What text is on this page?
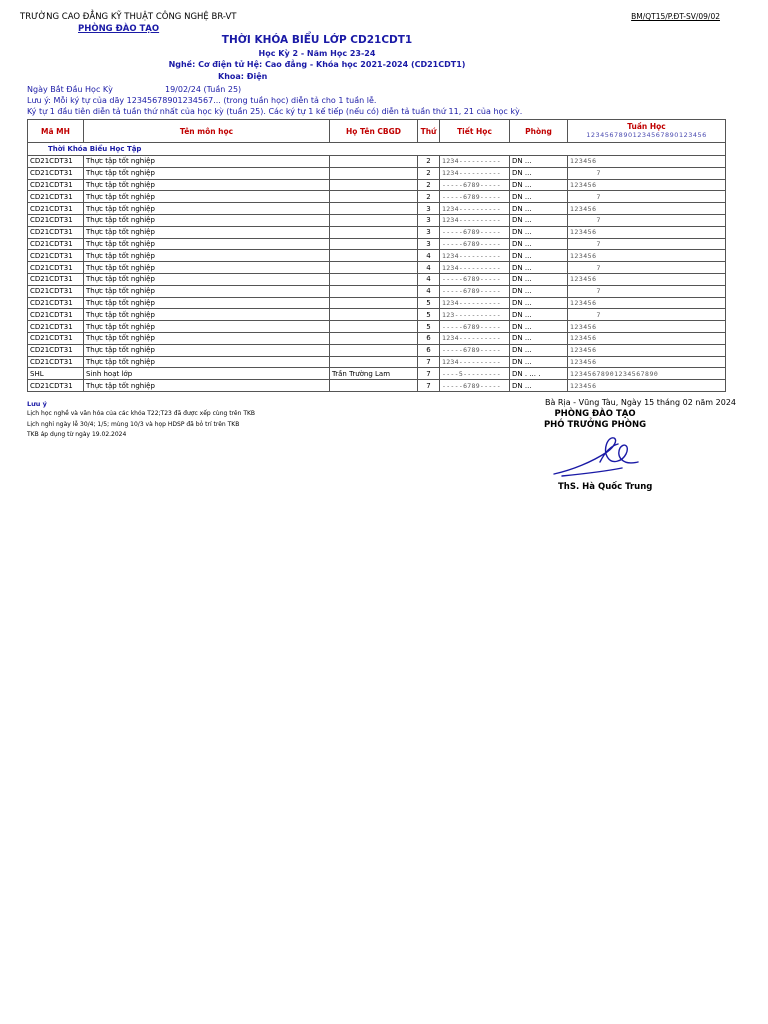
TRƯỜNG CAO ĐẲNG KỸ THUẬT CÔNG NGHỆ BR-VT
PHÒNG ĐÀO TẠO
BM/QT15/P.ĐT-SV/09/02
THỜI KHÓA BIỂU LỚP CD21CDT1
Học Kỳ 2 - Năm Học 23-24
Nghề: Cơ điện tử Hệ: Cao đẳng - Khóa học 2021-2024 (CD21CDT1)
Khoa: Điện
Ngày Bắt Đầu Học Kỳ	19/02/24 (Tuần 25)
Lưu ý: Mỗi ký tự của dãy 12345678901234567... (trong tuần học) diễn tả cho 1 tuần lễ.
Ký tự 1 đầu tiên diễn tả tuần thứ nhất của học kỳ (tuần 25). Các ký tự 1 kế tiếp (nếu có) diễn tả tuần thứ 11, 21 của học kỳ.
Mã MH	Tên môn học	Họ Tên CBGD	Thứ	Tiết Học	Phòng	Tuần Học
12345678901234567890123456

Thời Khóa Biểu Học Tập						
CD21CDT31	Thực tập tốt nghiệp		2	1234----------	DN ...	123456
CD21CDT31	Thực tập tốt nghiệp		2	1234----------	DN ...	7
CD21CDT31	Thực tập tốt nghiệp		2	-----6789-----	DN ...	123456
CD21CDT31	Thực tập tốt nghiệp		2	-----6789-----	DN ...	7
CD21CDT31	Thực tập tốt nghiệp		3	1234----------	DN ...	123456
CD21CDT31	Thực tập tốt nghiệp		3	1234----------	DN ...	7
CD21CDT31	Thực tập tốt nghiệp		3	-----6789-----	DN ...	123456
CD21CDT31	Thực tập tốt nghiệp		3	-----6789-----	DN ...	7
CD21CDT31	Thực tập tốt nghiệp		4	1234----------	DN ...	123456
CD21CDT31	Thực tập tốt nghiệp		4	1234----------	DN ...	7
CD21CDT31	Thực tập tốt nghiệp		4	-----6789-----	DN ...	123456
CD21CDT31	Thực tập tốt nghiệp		4	-----6789-----	DN ...	7
CD21CDT31	Thực tập tốt nghiệp		5	1234----------	DN ...	123456
CD21CDT31	Thực tập tốt nghiệp		5	123-----------	DN ...	7
CD21CDT31	Thực tập tốt nghiệp		5	-----6789-----	DN ...	123456
CD21CDT31	Thực tập tốt nghiệp		6	1234----------	DN ...	123456
CD21CDT31	Thực tập tốt nghiệp		6	-----6789-----	DN ...	123456
CD21CDT31	Thực tập tốt nghiệp		7	1234----------	DN ...	123456
SHL	Sinh hoạt lớp	Trần Trường Lam	7	----5---------	DN . ... .	12345678901234567890
CD21CDT31	Thực tập tốt nghiệp		7	-----6789-----	DN ...	123456
Lưu ý
Lịch học nghề và văn hóa của các khóa T22;T23 đã được xếp cùng trên TKB
Lịch nghỉ ngày lễ 30/4; 1/5; mùng 10/3 và họp HDSP đã bỏ trí trên TKB
TKB áp dụng từ ngày 19.02.2024
Bà Rịa - Vũng Tàu, Ngày 15 tháng 02 năm 2024
PHÒNG ĐÀO TẠO
PHÓ TRƯỞNG PHÒNG
ThS. Hà Quốc Trung
